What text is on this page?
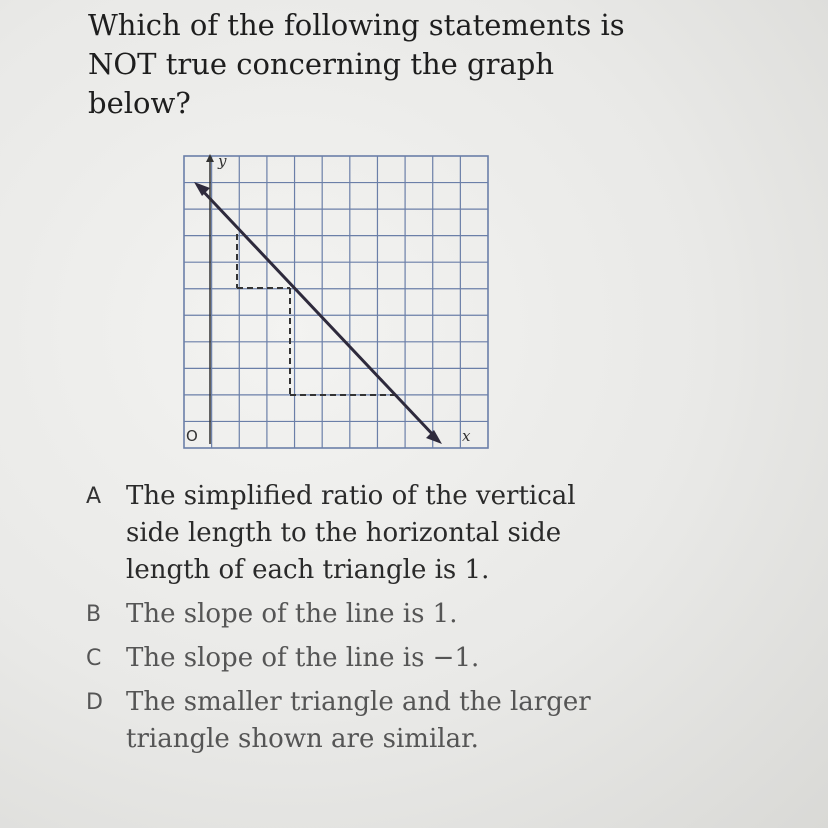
Which of the following statements is
NOT true concerning the graph
below?
y
x
O
A The simplified ratio of the vertical
side length to the horizontal side
length of each triangle is 1.
B The slope of the line is 1.
C The slope of the line is −1.
D The smaller triangle and the larger
triangle shown are similar.
